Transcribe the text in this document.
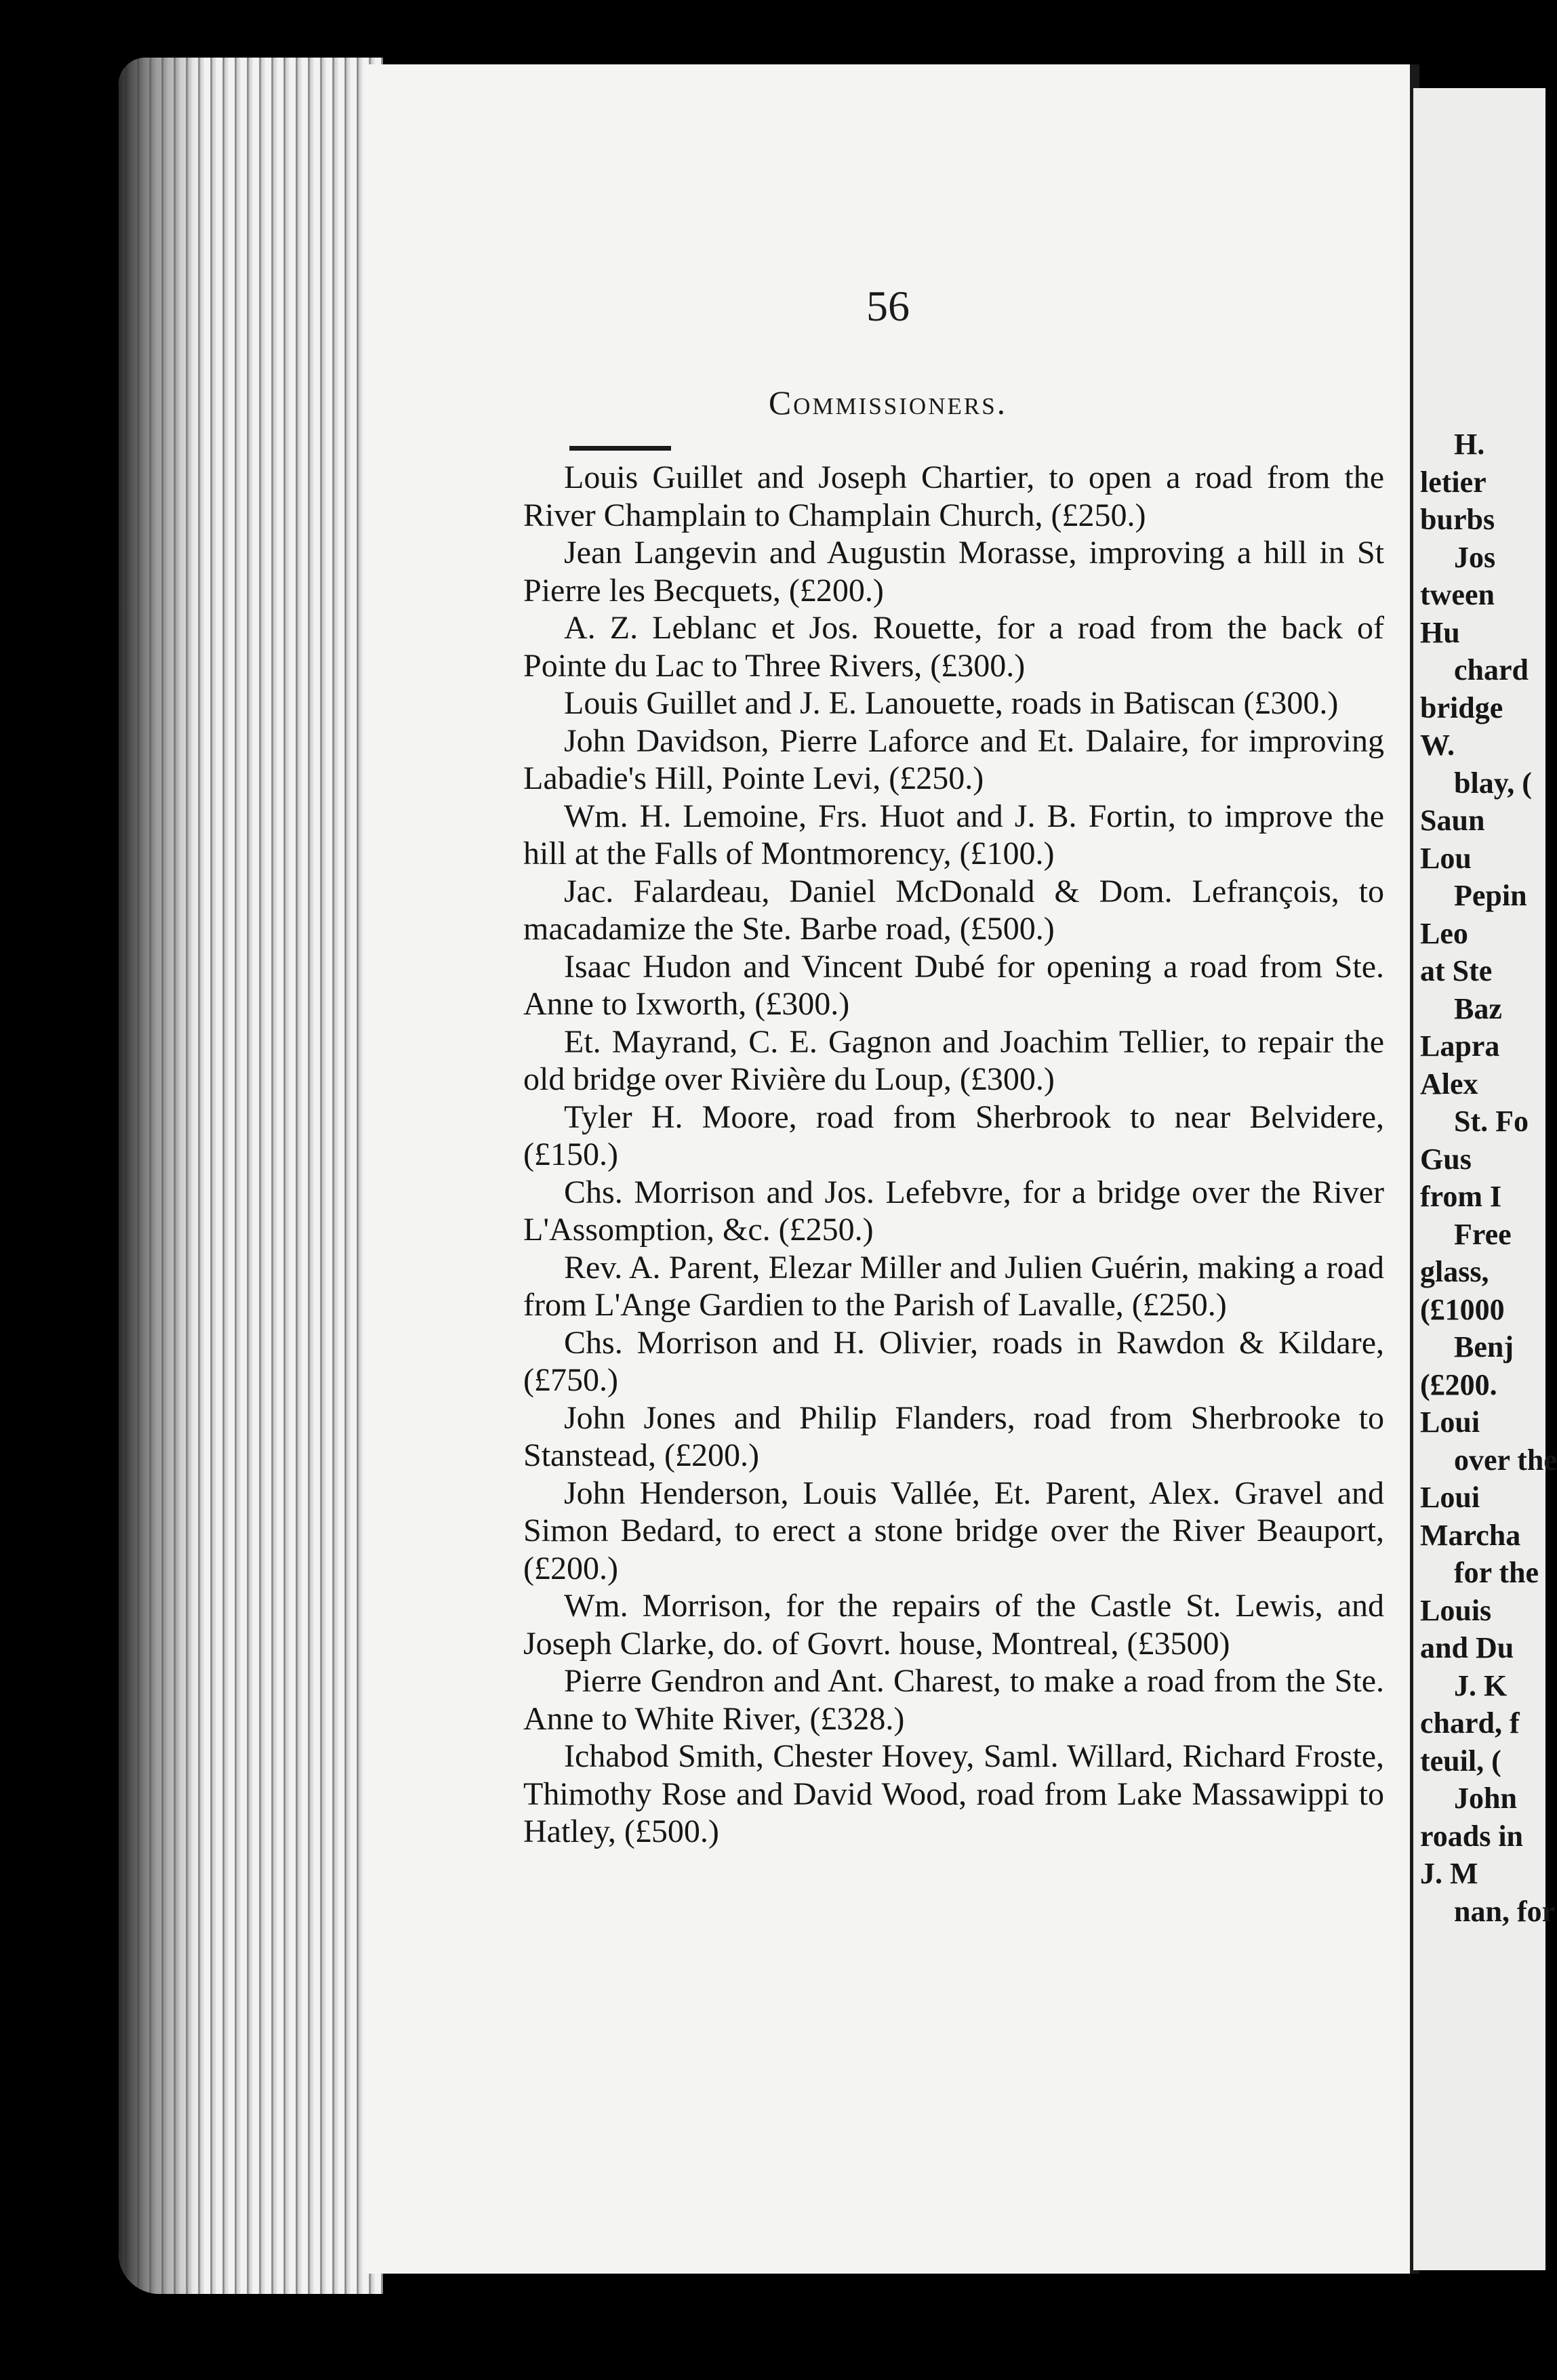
56
Commissioners.

Louis Guillet and Joseph Chartier, to open a road from the River Champlain to Champlain Church, (£250.)

Jean Langevin and Augustin Morasse, improving a hill in St Pierre les Becquets, (£200.)

A. Z. Leblanc et Jos. Rouette, for a road from the back of Pointe du Lac to Three Rivers, (£300.)

Louis Guillet and J. E. Lanouette, roads in Batiscan (£300.)

John Davidson, Pierre Laforce and Et. Dalaire, for improving Labadie's Hill, Pointe Levi, (£250.)

Wm. H. Lemoine, Frs. Huot and J. B. Fortin, to improve the hill at the Falls of Montmorency, (£100.)

Jac. Falardeau, Daniel McDonald & Dom. Lefrançois, to macadamize the Ste. Barbe road, (£500.)

Isaac Hudon and Vincent Dubé for opening a road from Ste. Anne to Ixworth, (£300.)

Et. Mayrand, C. E. Gagnon and Joachim Tellier, to repair the old bridge over Rivière du Loup, (£300.)

Tyler H. Moore, road from Sherbrook to near Belvidere, (£150.)

Chs. Morrison and Jos. Lefebvre, for a bridge over the River L'Assomption, &c. (£250.)

Rev. A. Parent, Elezar Miller and Julien Guérin, making a road from L'Ange Gardien to the Parish of Lavalle, (£250.)

Chs. Morrison and H. Olivier, roads in Rawdon & Kildare, (£750.)

John Jones and Philip Flanders, road from Sherbrooke to Stanstead, (£200.)

John Henderson, Louis Vallée, Et. Parent, Alex. Gravel and Simon Bedard, to erect a stone bridge over the River Beauport, (£200.)

Wm. Morrison, for the repairs of the Castle St. Lewis, and Joseph Clarke, do. of Govrt. house, Montreal, (£3500)

Pierre Gendron and Ant. Charest, to make a road from the Ste. Anne to White River, (£328.)

Ichabod Smith, Chester Hovey, Saml. Willard, Richard Froste, Thimothy Rose and David Wood, road from Lake Massawippi to Hatley, (£500.)

H.
letier
burbs
Jos
tween
Hu
chard
bridge
W.
blay, (
Saun
Lou
Pepin
Leo
at Ste
Baz
Lapra
Alex
St. Fo
Gus
from I
Free
glass,
(£1000
Benj
(£200.
Loui
over the
Loui
Marcha
for the
Louis
and Du
J. K
chard, f
teuil, (
John
roads in
J. M
nan, for
